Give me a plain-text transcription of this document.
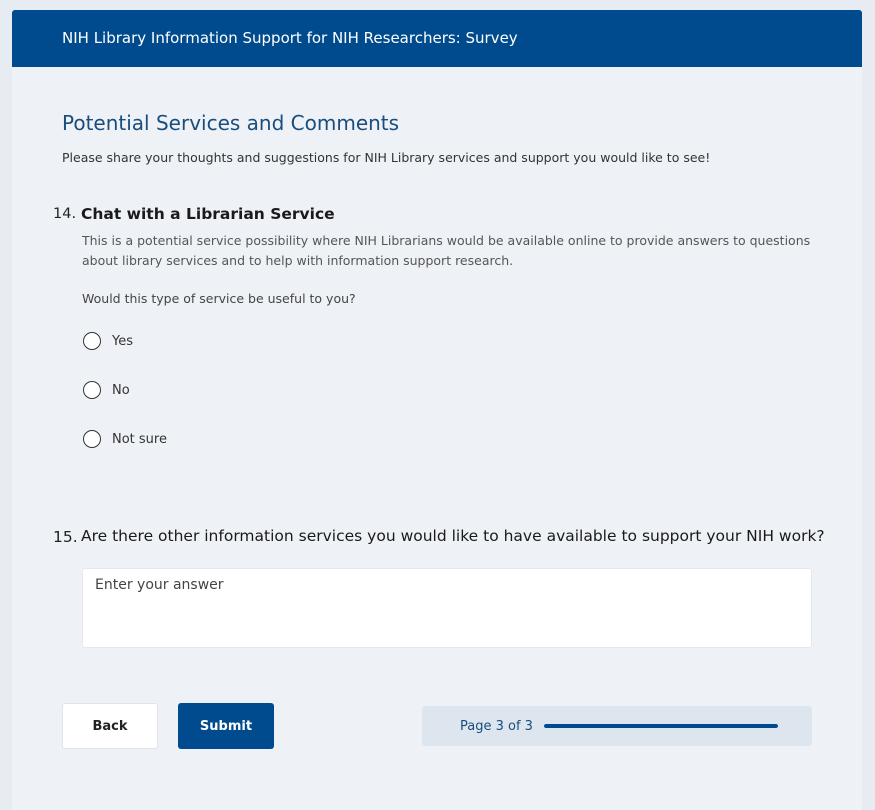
NIH Library Information Support for NIH Researchers: Survey
Potential Services and Comments
Please share your thoughts and suggestions for NIH Library services and support you would like to see!
14. Chat with a Librarian Service
This is a potential service possibility where NIH Librarians would be available online to provide answers to questions about library services and to help with information support research.
Would this type of service be useful to you?
Yes
No
Not sure
15. Are there other information services you would like to have available to support your NIH work?
Enter your answer
Back	Submit	Page 3 of 3
